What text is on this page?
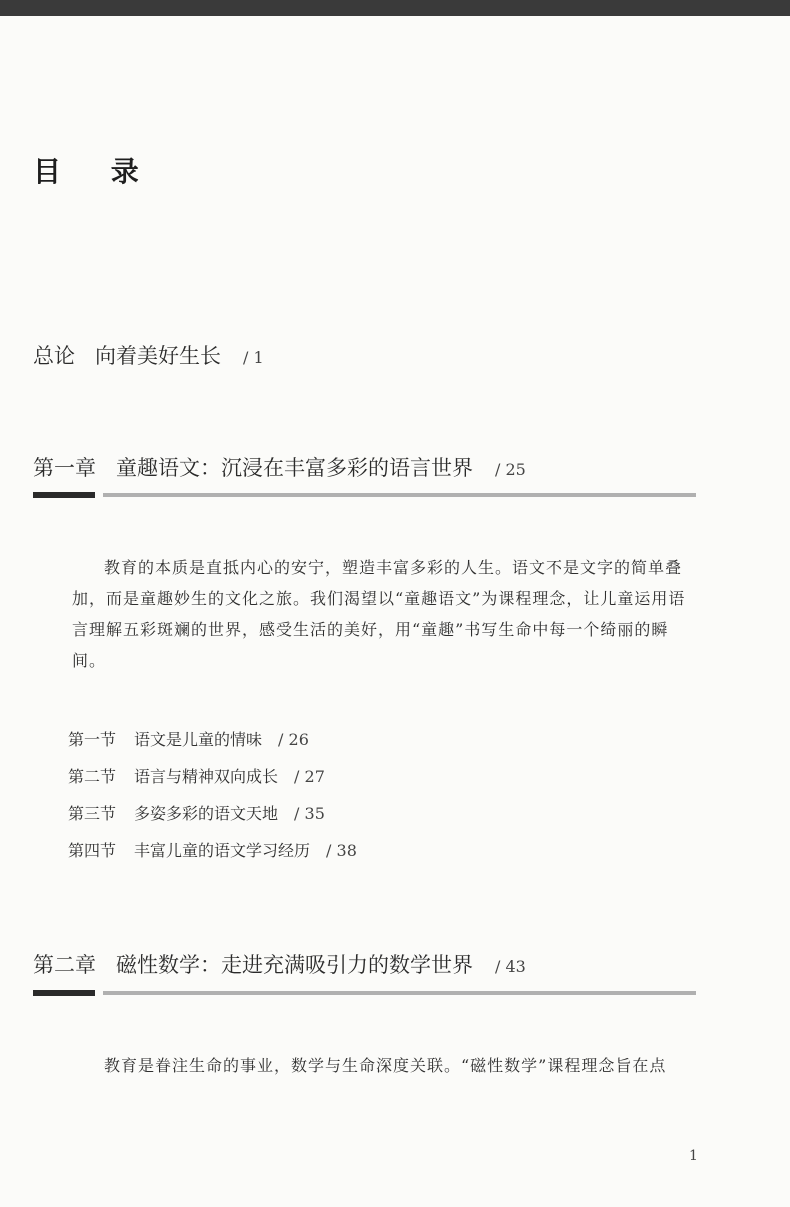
目 录
总论 向着美好生长 / 1
第一章 童趣语文：沉浸在丰富多彩的语言世界 / 25

教育的本质是直抵内心的安宁，塑造丰富多彩的人生。语文不是文字的简单叠加，而是童趣妙生的文化之旅。我们渴望以“童趣语文”为课程理念，让儿童运用语言理解五彩斑斓的世界，感受生活的美好，用“童趣”书写生命中每一个绮丽的瞬间。

第一节 语文是儿童的情味 / 26
第二节 语言与精神双向成长 / 27
第三节 多姿多彩的语文天地 / 35
第四节 丰富儿童的语文学习经历 / 38
第二章 磁性数学：走进充满吸引力的数学世界 / 43

教育是眷注生命的事业，数学与生命深度关联。“磁性数学”课程理念旨在点

1
